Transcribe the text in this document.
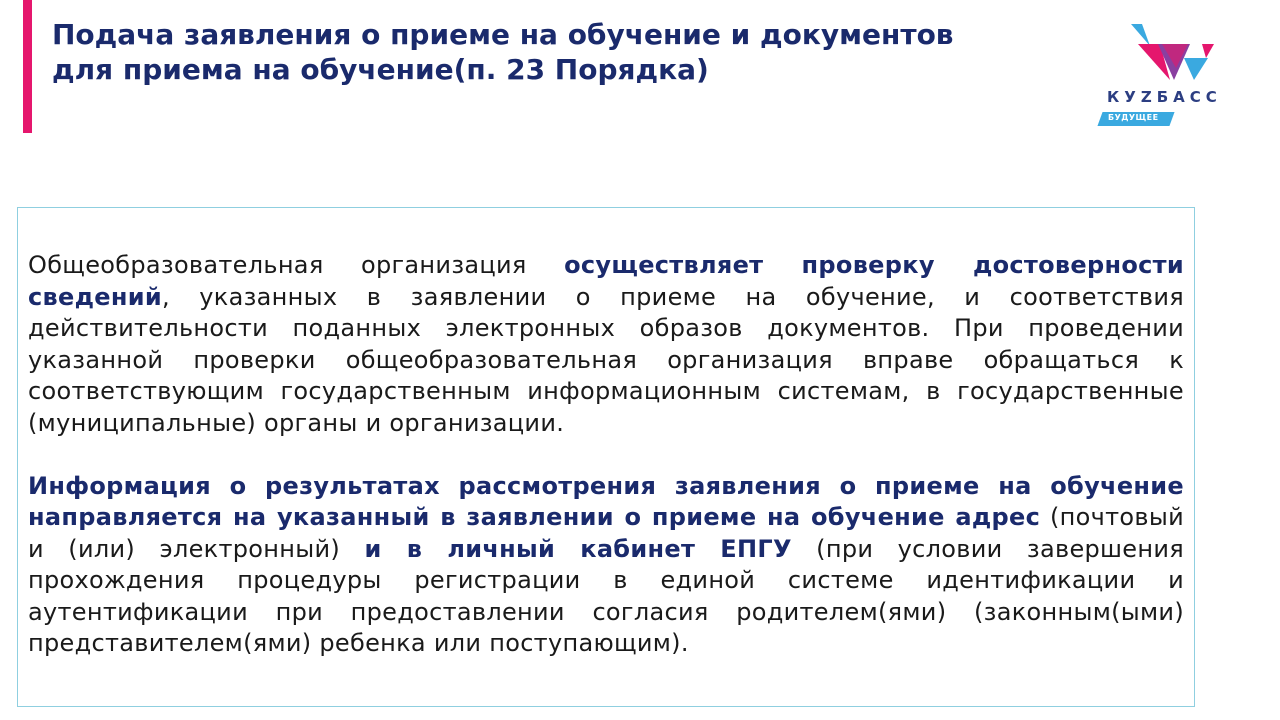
Подача заявления о приеме на обучение и документов
для приема на обучение(п. 23 Порядка)
КУZБАСС
БУДУЩЕЕ

Общеобразовательная организация осуществляет проверку достоверности сведений, указанных в заявлении о приеме на обучение, и соответствия действительности поданных электронных образов документов. При проведении указанной проверки общеобразовательная организация вправе обращаться к соответствующим государственным информационным системам, в государственные (муниципальные) органы и организации.

Информация о результатах рассмотрения заявления о приеме на обучение направляется на указанный в заявлении о приеме на обучение адрес (почтовый и (или) электронный) и в личный кабинет ЕПГУ (при условии завершения прохождения процедуры регистрации в единой системе идентификации и аутентификации при предоставлении согласия родителем(ями) (законным(ыми) представителем(ями) ребенка или поступающим).
